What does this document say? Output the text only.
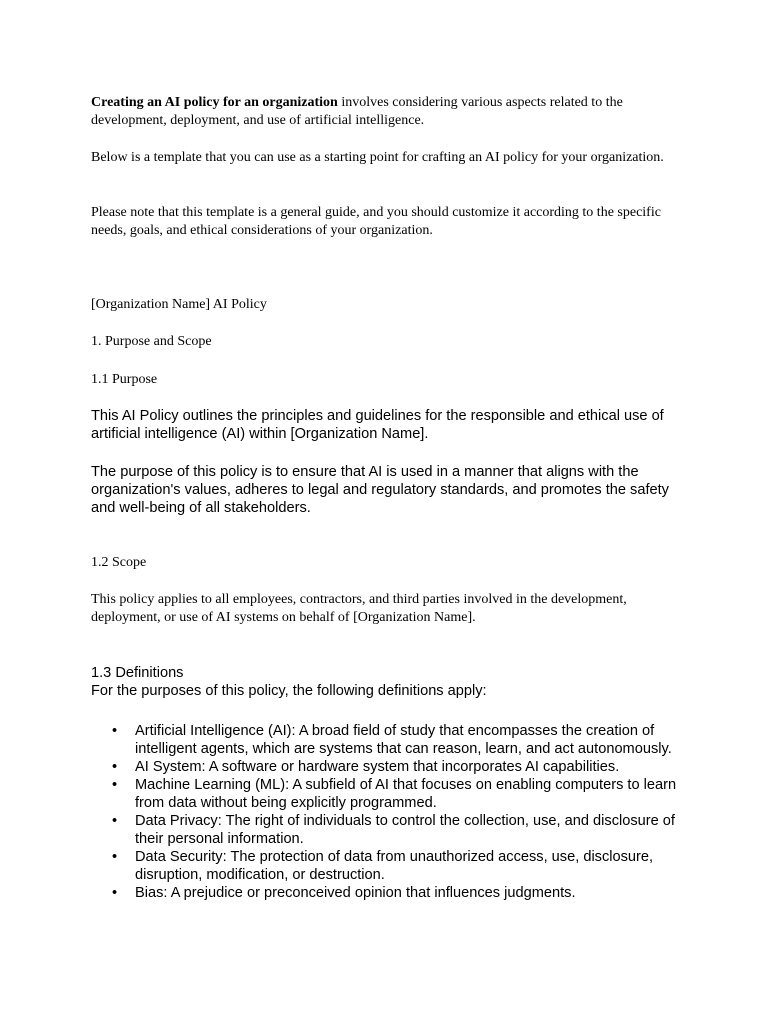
Creating an AI policy for an organization involves considering various aspects related to the development, deployment, and use of artificial intelligence.

Below is a template that you can use as a starting point for crafting an AI policy for your organization.

Please note that this template is a general guide, and you should customize it according to the specific needs, goals, and ethical considerations of your organization.

[Organization Name] AI Policy

1. Purpose and Scope

1.1 Purpose

This AI Policy outlines the principles and guidelines for the responsible and ethical use of artificial intelligence (AI) within [Organization Name].

The purpose of this policy is to ensure that AI is used in a manner that aligns with the organization's values, adheres to legal and regulatory standards, and promotes the safety and well-being of all stakeholders.

1.2 Scope

This policy applies to all employees, contractors, and third parties involved in the development, deployment, or use of AI systems on behalf of [Organization Name].

1.3 Definitions

For the purposes of this policy, the following definitions apply:

• Artificial Intelligence (AI): A broad field of study that encompasses the creation of intelligent agents, which are systems that can reason, learn, and act autonomously.
• AI System: A software or hardware system that incorporates AI capabilities.
• Machine Learning (ML): A subfield of AI that focuses on enabling computers to learn from data without being explicitly programmed.
• Data Privacy: The right of individuals to control the collection, use, and disclosure of their personal information.
• Data Security: The protection of data from unauthorized access, use, disclosure, disruption, modification, or destruction.
• Bias: A prejudice or preconceived opinion that influences judgments.
